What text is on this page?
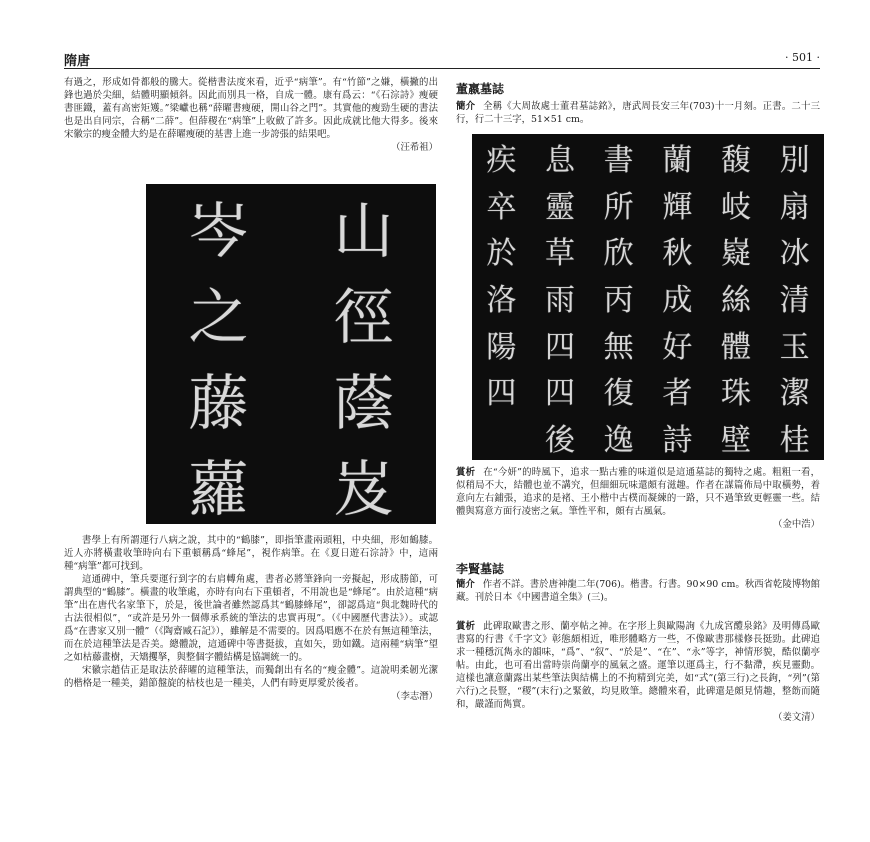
隋唐	· 501 ·
有過之，形成如骨都般的騰大。從楷書法度來看，近乎“病筆”。有“竹節”之嫌，橫撇的出鋒也過於尖細，結體明顯傾斜。因此而別具一格，自成一體。康有爲云：“《石淙詩》瘦硬書匪鐵，蓋有高密矩矱。”梁巘也稱“薛曜書瘦硬，開山谷之門”。其實他的瘦勁生硬的書法也是出自同宗，合稱“二薛”。但薛稷在“病筆”上收斂了許多。因此成就比他大得多。後來宋徽宗的瘦金體大約是在薛曜瘦硬的基書上進一步誇張的結果吧。
（汪希祖）
山
徑
蔭
岌
岑
之
藤
蘿
書學上有所謂運行八病之說，其中的“鶴膝”，即指筆畫兩頭粗，中央細，形如鶴膝。近人亦將橫畫收筆時向右下重頓稱爲“蜂尾”，視作病筆。在《夏日遊石淙詩》中，這兩種“病筆”都可找到。
這通碑中，筆兵要運行到字的右肩轉角處，書者必將筆鋒向一旁擬起，形成勝節，可謂典型的“鶴膝”。橫畫的收筆處，亦時有向右下重頓者，不用說也是“蜂尾”。由於這種“病筆”出在唐代名家筆下，於是，後世論者雖然認爲其“鶴膝蜂尾”，卻認爲這“與北魏時代的古法很相似”，“或許是另外一個傳承系統的筆法的忠實再現”。（《中國歷代書法》）。或認爲“在書家又別一體”（《陶齋臧石記》），雖解是不需要的。因爲唱應不在於有無這種筆法，而在於這種筆法是否美。總體說，這通碑中等書挺拔，直如矢，勁如鐵。這兩種“病筆”望之如枯藤畫樹，天矯攫拏，與整個字體結構是協調統一的。
宋徽宗趙佶正是取法於薛曜的這種筆法，而獨創出有名的“瘦金體”。這說明柔韌光潔的楷格是一種美，錯節盤旋的枯枝也是一種美，人們有時更厚愛於後者。
（李志潛）
董嬴墓誌
簡介 全稱《大周故處士董君墓誌銘》，唐武周長安三年(703)十一月刻。正書。二十三行，行二十三字，51×51 cm。
別
扇
冰
清
玉
潔
桂
馥
岐
嶷
絲
體
珠
壁
蘭
輝
秋
成
好
者
詩
書
所
欣
丙
無
復
逸
息
靈
草
雨
四
四
後
疾
卒
於
洛
陽
四
賞析 在“今妍”的時風下，追求一點古雅的味道似是這通墓誌的獨特之處。粗粗一看，似稍局不大，結體也並不講究，但細細玩味還頗有滋趣。作者在謀篇佈局中取橫勢，着意向左右鋪張，追求的是褚、王小楷中古樸而凝練的一路，只不過筆致更輕靈一些。結體與寫意方面行凌密之氣。筆性平和，頗有古風氣。
（金中浩）
李賢墓誌
簡介 作者不詳。書於唐神龍二年(706)。楷書。行書。90×90 cm。秋西省乾陵博物館藏。刊於日本《中國書道全集》(三)。
賞析 此碑取歐書之形、蘭亭帖之神。在字形上與歐陽詢《九成宮醴泉銘》及明傳爲歐書寫的行書《千字文》彰態頗相近，唯形體略方一些，不像歐書那樣修長挺勁。此碑追求一種穩沉雋永的韻味，“爲”、“叙”、“於是”、“在”、“永”等字，神情形貌，酷似蘭亭帖。由此，也可看出當時崇尚蘭亭的風氣之盛。運筆以運爲主，行不黏滯，疾見靈動。這樣也讓意蘭露出某些筆法與結構上的不拘精到完美，如“式”(第三行)之長鉤，“列”(第六行)之長豎，“稷”(末行)之緊斂，均見敗筆。總體來看，此碑還是頗見情趣，整飭而隨和，嚴謹而雋實。
（姜文清）
